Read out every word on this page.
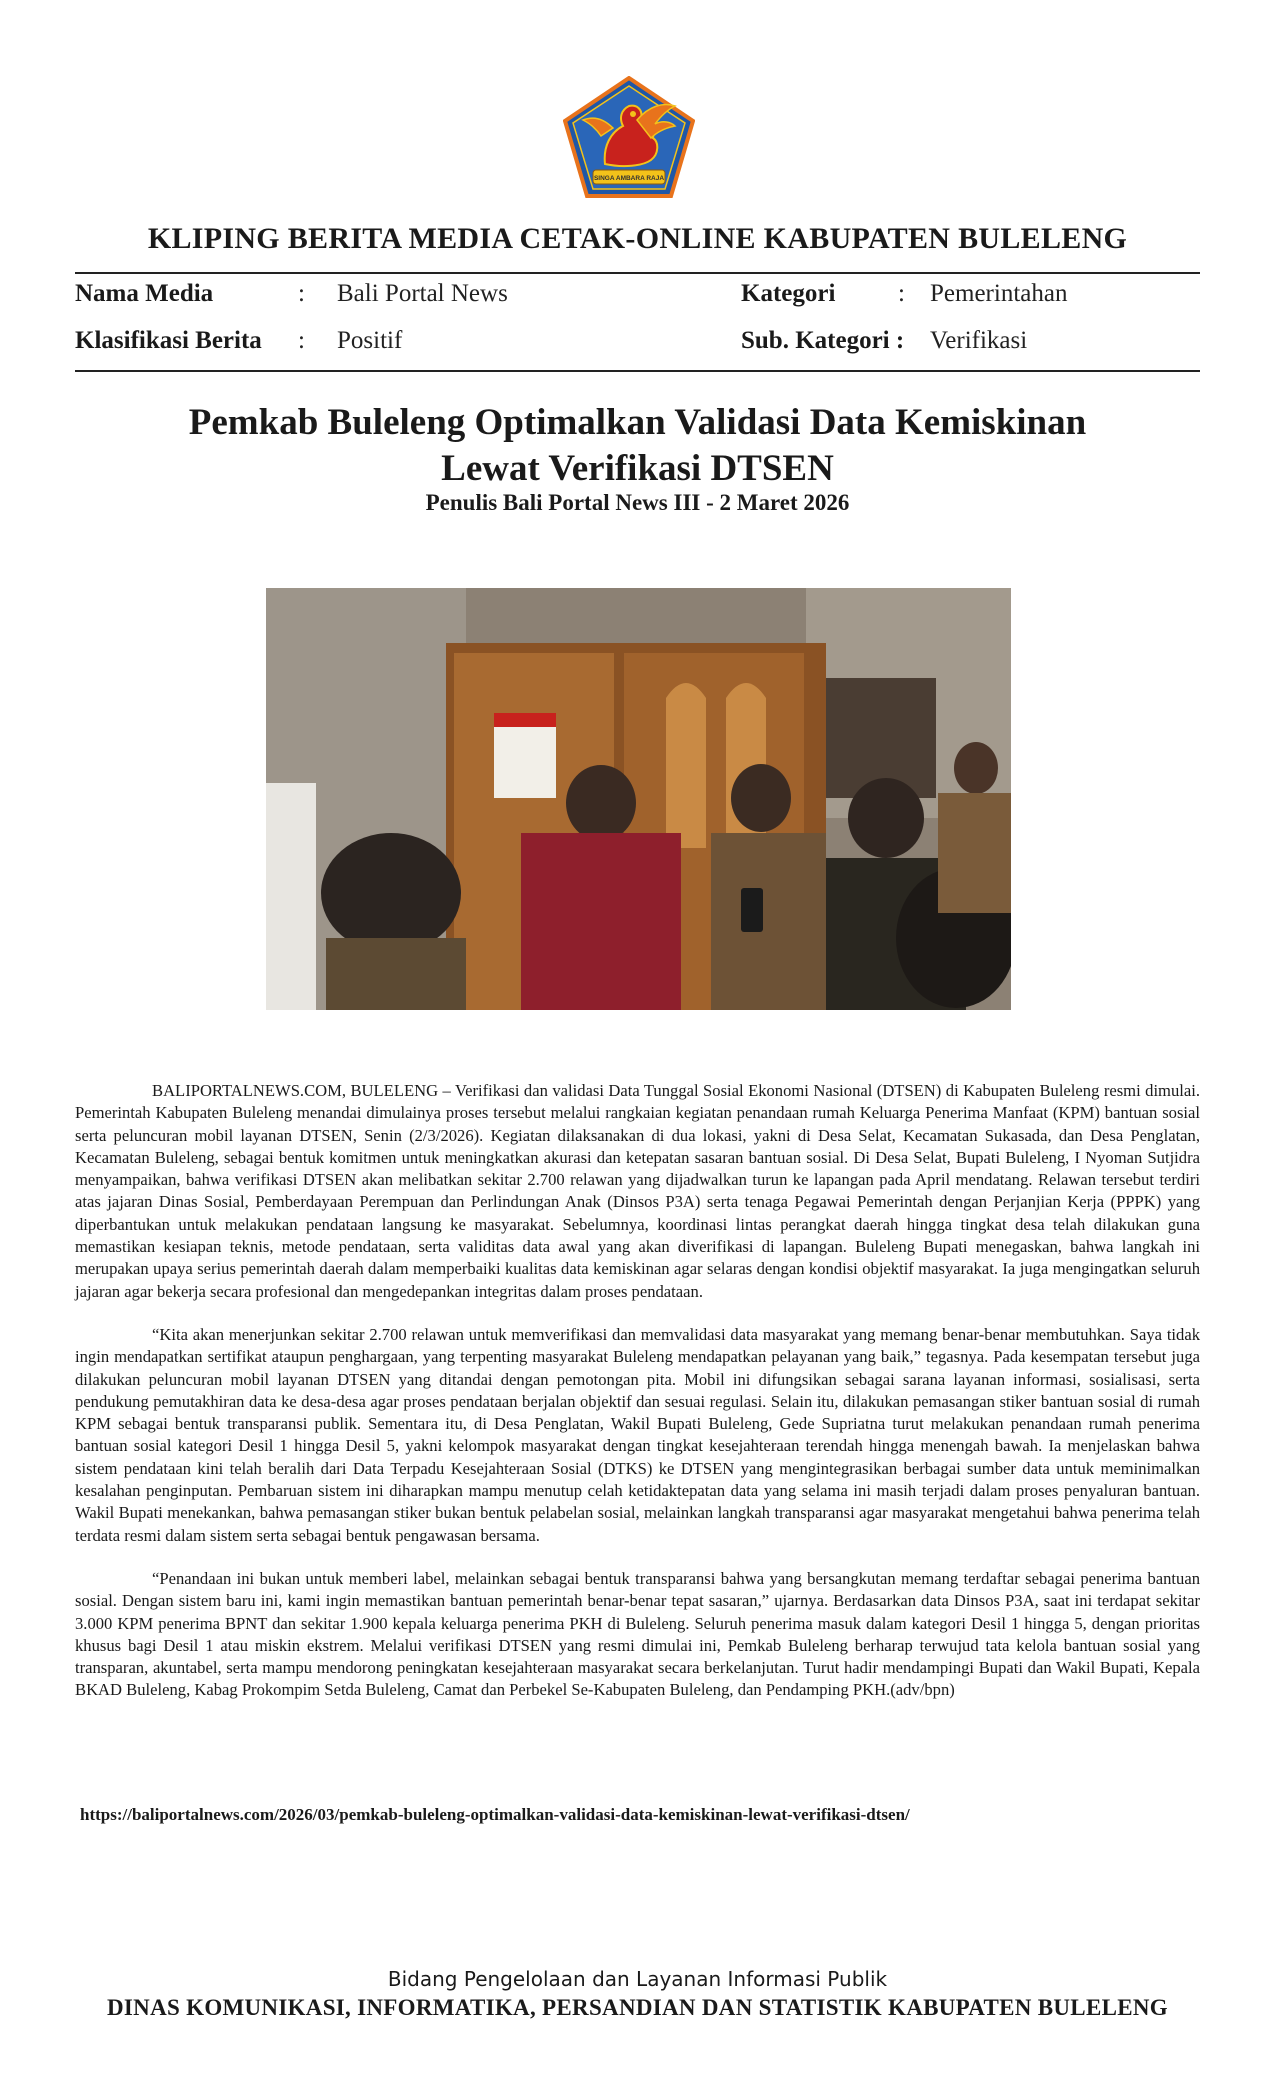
SINGA AMBARA RAJA
KLIPING BERITA MEDIA CETAK-ONLINE KABUPATEN BULELENG
Nama Media	: Bali Portal News	Kategori	: Pemerintahan
Klasifikasi Berita : Positif	Sub. Kategori : Verifikasi
Pemkab Buleleng Optimalkan Validasi Data Kemiskinan
Lewat Verifikasi DTSEN
Penulis Bali Portal News III - 2 Maret 2026

BALIPORTALNEWS.COM, BULELENG – Verifikasi dan validasi Data Tunggal Sosial Ekonomi Nasional (DTSEN) di Kabupaten Buleleng resmi dimulai. Pemerintah Kabupaten Buleleng menandai dimulainya proses tersebut melalui rangkaian kegiatan penandaan rumah Keluarga Penerima Manfaat (KPM) bantuan sosial serta peluncuran mobil layanan DTSEN, Senin (2/3/2026). Kegiatan dilaksanakan di dua lokasi, yakni di Desa Selat, Kecamatan Sukasada, dan Desa Penglatan, Kecamatan Buleleng, sebagai bentuk komitmen untuk meningkatkan akurasi dan ketepatan sasaran bantuan sosial. Di Desa Selat, Bupati Buleleng, I Nyoman Sutjidra menyampaikan, bahwa verifikasi DTSEN akan melibatkan sekitar 2.700 relawan yang dijadwalkan turun ke lapangan pada April mendatang. Relawan tersebut terdiri atas jajaran Dinas Sosial, Pemberdayaan Perempuan dan Perlindungan Anak (Dinsos P3A) serta tenaga Pegawai Pemerintah dengan Perjanjian Kerja (PPPK) yang diperbantukan untuk melakukan pendataan langsung ke masyarakat. Sebelumnya, koordinasi lintas perangkat daerah hingga tingkat desa telah dilakukan guna memastikan kesiapan teknis, metode pendataan, serta validitas data awal yang akan diverifikasi di lapangan. Buleleng Bupati menegaskan, bahwa langkah ini merupakan upaya serius pemerintah daerah dalam memperbaiki kualitas data kemiskinan agar selaras dengan kondisi objektif masyarakat. Ia juga mengingatkan seluruh jajaran agar bekerja secara profesional dan mengedepankan integritas dalam proses pendataan.

“Kita akan menerjunkan sekitar 2.700 relawan untuk memverifikasi dan memvalidasi data masyarakat yang memang benar-benar membutuhkan. Saya tidak ingin mendapatkan sertifikat ataupun penghargaan, yang terpenting masyarakat Buleleng mendapatkan pelayanan yang baik,” tegasnya. Pada kesempatan tersebut juga dilakukan peluncuran mobil layanan DTSEN yang ditandai dengan pemotongan pita. Mobil ini difungsikan sebagai sarana layanan informasi, sosialisasi, serta pendukung pemutakhiran data ke desa-desa agar proses pendataan berjalan objektif dan sesuai regulasi. Selain itu, dilakukan pemasangan stiker bantuan sosial di rumah KPM sebagai bentuk transparansi publik. Sementara itu, di Desa Penglatan, Wakil Bupati Buleleng, Gede Supriatna turut melakukan penandaan rumah penerima bantuan sosial kategori Desil 1 hingga Desil 5, yakni kelompok masyarakat dengan tingkat kesejahteraan terendah hingga menengah bawah. Ia menjelaskan bahwa sistem pendataan kini telah beralih dari Data Terpadu Kesejahteraan Sosial (DTKS) ke DTSEN yang mengintegrasikan berbagai sumber data untuk meminimalkan kesalahan penginputan. Pembaruan sistem ini diharapkan mampu menutup celah ketidaktepatan data yang selama ini masih terjadi dalam proses penyaluran bantuan. Wakil Bupati menekankan, bahwa pemasangan stiker bukan bentuk pelabelan sosial, melainkan langkah transparansi agar masyarakat mengetahui bahwa penerima telah terdata resmi dalam sistem serta sebagai bentuk pengawasan bersama.

“Penandaan ini bukan untuk memberi label, melainkan sebagai bentuk transparansi bahwa yang bersangkutan memang terdaftar sebagai penerima bantuan sosial. Dengan sistem baru ini, kami ingin memastikan bantuan pemerintah benar-benar tepat sasaran,” ujarnya. Berdasarkan data Dinsos P3A, saat ini terdapat sekitar 3.000 KPM penerima BPNT dan sekitar 1.900 kepala keluarga penerima PKH di Buleleng. Seluruh penerima masuk dalam kategori Desil 1 hingga 5, dengan prioritas khusus bagi Desil 1 atau miskin ekstrem. Melalui verifikasi DTSEN yang resmi dimulai ini, Pemkab Buleleng berharap terwujud tata kelola bantuan sosial yang transparan, akuntabel, serta mampu mendorong peningkatan kesejahteraan masyarakat secara berkelanjutan. Turut hadir mendampingi Bupati dan Wakil Bupati, Kepala BKAD Buleleng, Kabag Prokompim Setda Buleleng, Camat dan Perbekel Se-Kabupaten Buleleng, dan Pendamping PKH.(adv/bpn)

https://baliportalnews.com/2026/03/pemkab-buleleng-optimalkan-validasi-data-kemiskinan-lewat-verifikasi-dtsen/
Bidang Pengelolaan dan Layanan Informasi Publik
DINAS KOMUNIKASI, INFORMATIKA, PERSANDIAN DAN STATISTIK KABUPATEN BULELENG
